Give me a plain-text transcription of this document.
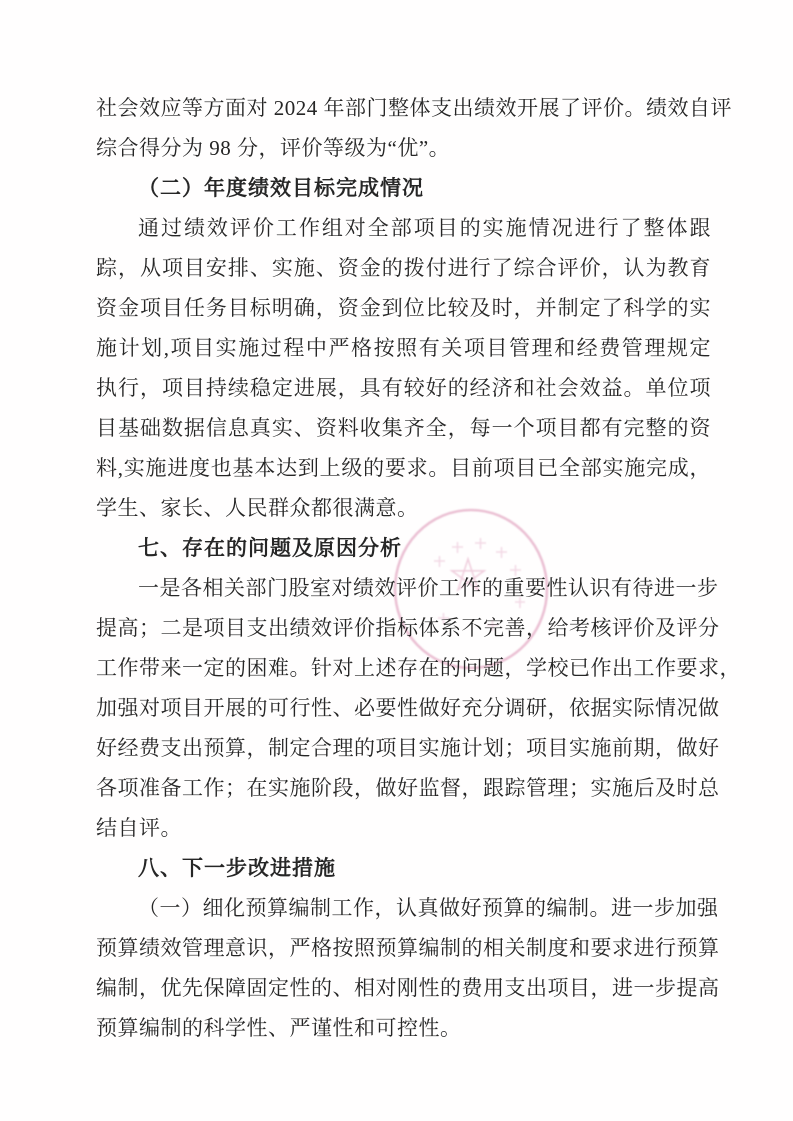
社会效应等方面对 2024 年部门整体支出绩效开展了评价。绩效自评
综合得分为 98 分，评价等级为“优”。
（二）年度绩效目标完成情况
通过绩效评价工作组对全部项目的实施情况进行了整体跟
踪，从项目安排、实施、资金的拨付进行了综合评价，认为教育
资金项目任务目标明确，资金到位比较及时，并制定了科学的实
施计划,项目实施过程中严格按照有关项目管理和经费管理规定
执行，项目持续稳定进展，具有较好的经济和社会效益。单位项
目基础数据信息真实、资料收集齐全，每一个项目都有完整的资
料,实施进度也基本达到上级的要求。目前项目已全部实施完成，
学生、家长、人民群众都很满意。
七、存在的问题及原因分析
一是各相关部门股室对绩效评价工作的重要性认识有待进一步
提高；二是项目支出绩效评价指标体系不完善，给考核评价及评分
工作带来一定的困难。针对上述存在的问题，学校已作出工作要求，
加强对项目开展的可行性、必要性做好充分调研，依据实际情况做
好经费支出预算，制定合理的项目实施计划；项目实施前期，做好
各项准备工作；在实施阶段，做好监督，跟踪管理；实施后及时总
结自评。
八、下一步改进措施
（一）细化预算编制工作，认真做好预算的编制。进一步加强
预算绩效管理意识，严格按照预算编制的相关制度和要求进行预算
编制，优先保障固定性的、相对刚性的费用支出项目，进一步提高
预算编制的科学性、严谨性和可控性。
